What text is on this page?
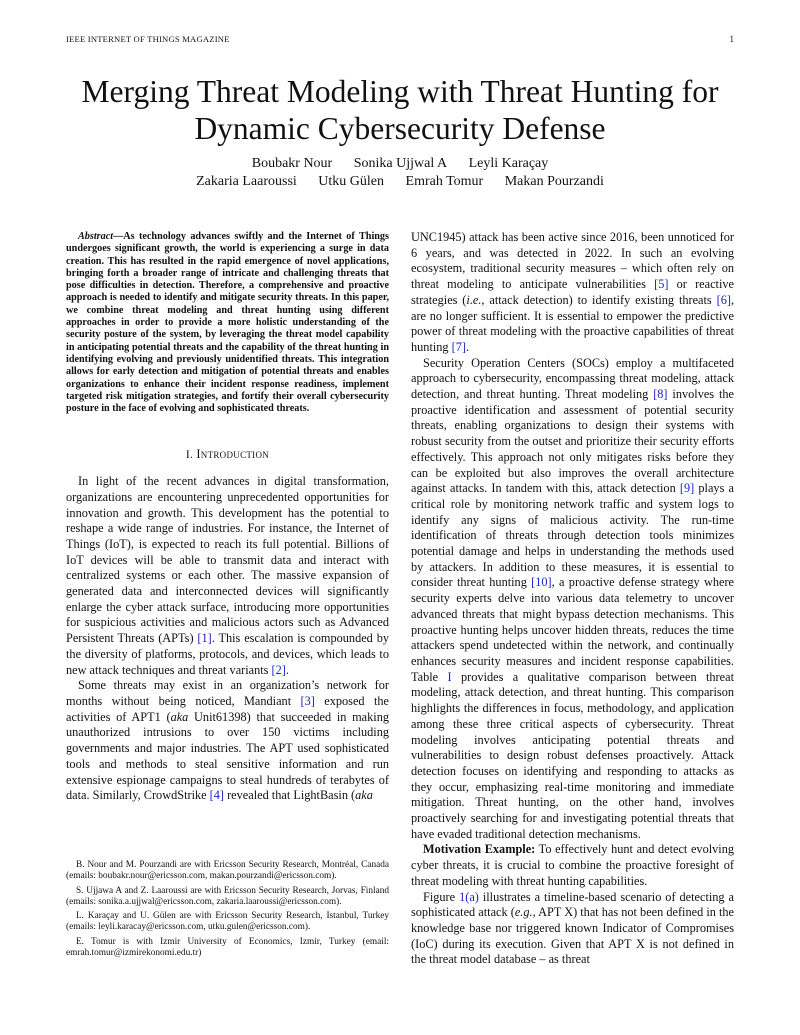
IEEE INTERNET OF THINGS MAGAZINE	1
Merging Threat Modeling with Threat Hunting for
Dynamic Cybersecurity Defense
Boubakr Nour Sonika Ujjwal A Leyli Karaçay
Zakaria Laaroussi Utku Gülen Emrah Tomur Makan Pourzandi

Abstract—As technology advances swiftly and the Internet of Things undergoes significant growth, the world is experiencing a surge in data creation. This has resulted in the rapid emergence of novel applications, bringing forth a broader range of intricate and challenging threats that pose difficulties in detection. Therefore, a comprehensive and proactive approach is needed to identify and mitigate security threats. In this paper, we combine threat modeling and threat hunting using different approaches in order to provide a more holistic understanding of the security posture of the system, by leveraging the threat model capability in anticipating potential threats and the capability of the threat hunting in identifying evolving and previously unidentified threats. This integration allows for early detection and mitigation of potential threats and enables organizations to enhance their incident response readiness, implement targeted risk mitigation strategies, and fortify their overall cybersecurity posture in the face of evolving and sophisticated threats.

I. Introduction

In light of the recent advances in digital transformation, organizations are encountering unprecedented opportunities for innovation and growth. This development has the potential to reshape a wide range of industries. For instance, the Internet of Things (IoT), is expected to reach its full potential. Billions of IoT devices will be able to transmit data and interact with centralized systems or each other. The massive expansion of generated data and interconnected devices will significantly enlarge the cyber attack surface, introducing more opportunities for suspicious activities and malicious actors such as Advanced Persistent Threats (APTs) [1]. This escalation is compounded by the diversity of platforms, protocols, and devices, which leads to new attack techniques and threat variants [2].

Some threats may exist in an organization’s network for months without being noticed, Mandiant [3] exposed the activities of APT1 (aka Unit61398) that succeeded in making unauthorized intrusions to over 150 victims including governments and major industries. The APT used sophisticated tools and methods to steal sensitive information and run extensive espionage campaigns to steal hundreds of terabytes of data. Similarly, CrowdStrike [4] revealed that LightBasin (aka

B. Nour and M. Pourzandi are with Ericsson Security Research, Montréal, Canada (emails: boubakr.nour@ericsson.com, makan.pourzandi@ericsson.com).

S. Ujjawa A and Z. Laaroussi are with Ericsson Security Research, Jorvas, Finland (emails: sonika.a.ujjwal@ericsson.com, zakaria.laaroussi@ericsson.com).

L. Karaçay and U. Gülen are with Ericsson Security Research, Istanbul, Turkey (emails: leyli.karacay@ericsson.com, utku.gulen@ericsson.com).

E. Tomur is with Izmir University of Economics, Izmir, Turkey (email: emrah.tomur@izmirekonomi.edu.tr)

UNC1945) attack has been active since 2016, been unnoticed for 6 years, and was detected in 2022. In such an evolving ecosystem, traditional security measures – which often rely on threat modeling to anticipate vulnerabilities [5] or reactive strategies (i.e., attack detection) to identify existing threats [6], are no longer sufficient. It is essential to empower the predictive power of threat modeling with the proactive capabilities of threat hunting [7].

Security Operation Centers (SOCs) employ a multifaceted approach to cybersecurity, encompassing threat modeling, attack detection, and threat hunting. Threat modeling [8] involves the proactive identification and assessment of potential security threats, enabling organizations to design their systems with robust security from the outset and prioritize their security efforts effectively. This approach not only mitigates risks before they can be exploited but also improves the overall architecture against attacks. In tandem with this, attack detection [9] plays a critical role by monitoring network traffic and system logs to identify any signs of malicious activity. The run-time identification of threats through detection tools minimizes potential damage and helps in understanding the methods used by attackers. In addition to these measures, it is essential to consider threat hunting [10], a proactive defense strategy where security experts delve into various data telemetry to uncover advanced threats that might bypass detection mechanisms. This proactive hunting helps uncover hidden threats, reduces the time attackers spend undetected within the network, and continually enhances security measures and incident response capabilities. Table I provides a qualitative comparison between threat modeling, attack detection, and threat hunting. This comparison highlights the differences in focus, methodology, and application among these three critical aspects of cybersecurity. Threat modeling involves anticipating potential threats and vulnerabilities to design robust defenses proactively. Attack detection focuses on identifying and responding to attacks as they occur, emphasizing real-time monitoring and immediate mitigation. Threat hunting, on the other hand, involves proactively searching for and investigating potential threats that have evaded traditional detection mechanisms.

Motivation Example: To effectively hunt and detect evolving cyber threats, it is crucial to combine the proactive foresight of threat modeling with threat hunting capabilities.

Figure 1(a) illustrates a timeline-based scenario of detecting a sophisticated attack (e.g., APT X) that has not been defined in the knowledge base nor triggered known Indicator of Compromises (IoC) during its execution. Given that APT X is not defined in the threat model database – as threat
